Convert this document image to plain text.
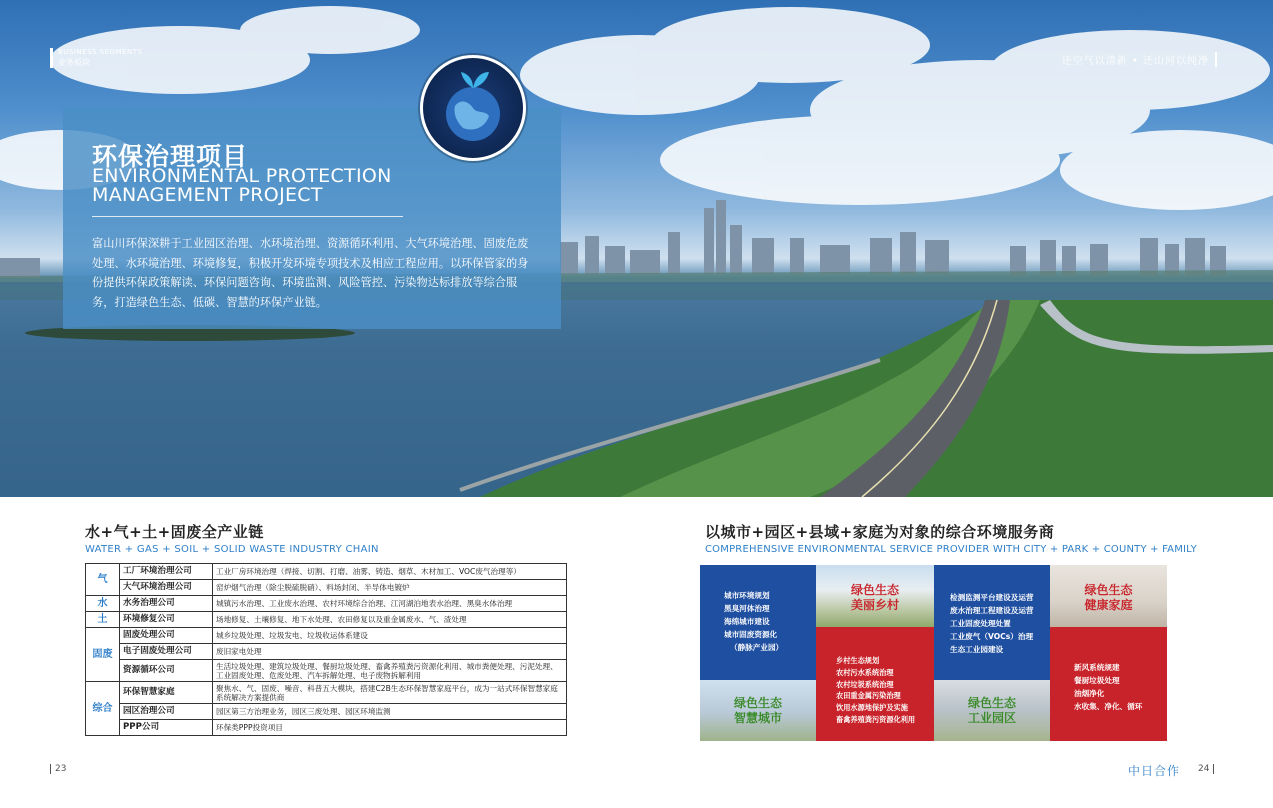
BUSINESS SEGMENTS
业务板块	还空气以清新 • 还山河以纯净
环保治理项目
ENVIRONMENTAL PROTECTION MANAGEMENT PROJECT
富山川环保深耕于工业园区治理、水环境治理、资源循环利用、大气环境治理、固废危废处理、水环境治理、环境修复，积极开发环境专项技术及相应工程应用。以环保管家的身份提供环保政策解读、环保问题咨询、环境监测、风险管控、污染物达标排放等综合服务，打造绿色生态、低碳、智慧的环保产业链。
水+气+土+固废全产业链
WATER + GAS + SOIL + SOLID WASTE INDUSTRY CHAIN
气	工厂环境治理公司	工业厂房环境治理（焊接、切割、打磨、油雾、铸造、烟草、木材加工、VOC废气治理等）
	大气环境治理公司	窑炉烟气治理（除尘脱硫脱硝）、料场封闭、半导体电镀炉
水	水务治理公司	城镇污水治理、工业废水治理、农村环境综合治理、江河湖泊地表水治理、黑臭水体治理
土	环境修复公司	场地修复、土壤修复、地下水处理、农田修复以及重金属废水、气、渣处理
固废	固废处理公司	城乡垃圾处理、垃圾发电、垃圾收运体系建设
	电子固废处理公司	废旧家电处理
	资源循环公司	生活垃圾处理、建筑垃圾处理、餐厨垃圾处理、畜禽养殖粪污资源化利用、城市粪便处理、污泥处理、工业固废处理、危废处理、汽车拆解处理、电子废物拆解利用
综合	环保智慧家庭	聚焦水、气、固废、噪音、科普五大模块，搭建C2B生态环保智慧家庭平台，成为一站式环保智慧家庭系统解决方案提供商
	园区治理公司	园区第三方治理业务，园区三废处理、园区环境监测
	PPP公司	环保类PPP投资项目
23
以城市+园区+县域+家庭为对象的综合环境服务商
COMPREHENSIVE ENVIRONMENTAL SERVICE PROVIDER WITH CITY + PARK + COUNTY + FAMILY
城市环境规划
黑臭河体治理
海绵城市建设
城市固废资源化
（静脉产业园）
绿色生态
美丽乡村
检测监测平台建设及运营
废水治理工程建设及运营
工业固废处理处置
工业废气（VOCs）治理
生态工业园建设
绿色生态
健康家庭
绿色生态
智慧城市
乡村生态规划
农村污水系统治理
农村垃圾系统治理
农田重金属污染治理
饮用水源地保护及实施
畜禽养殖粪污资源化利用
绿色生态
工业园区
新风系统规建
餐厨垃圾处理
油烟净化
水收集、净化、循环
中日合作 24
